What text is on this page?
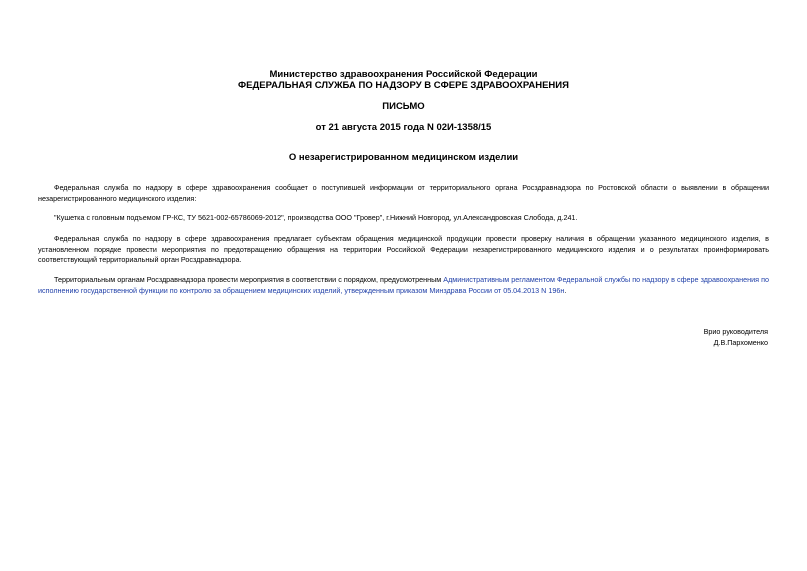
Министерство здравоохранения Российской Федерации
ФЕДЕРАЛЬНАЯ СЛУЖБА ПО НАДЗОРУ В СФЕРЕ ЗДРАВООХРАНЕНИЯ
ПИСЬМО
от 21 августа 2015 года N 02И-1358/15
О незарегистрированном медицинском изделии
Федеральная служба по надзору в сфере здравоохранения сообщает о поступившей информации от территориального органа Росздравнадзора по Ростовской области о выявлении в обращении незарегистрированного медицинского изделия:
"Кушетка с головным подъемом ГР-КС, ТУ 5621-002-65786069-2012", производства ООО "Гровер", г.Нижний Новгород, ул.Александровская Слобода, д.241.
Федеральная служба по надзору в сфере здравоохранения предлагает субъектам обращения медицинской продукции провести проверку наличия в обращении указанного медицинского изделия, в установленном порядке провести мероприятия по предотвращению обращения на территории Российской Федерации незарегистрированного медицинского изделия и о результатах проинформировать соответствующий территориальный орган Росздравнадзора.
Территориальным органам Росздравнадзора провести мероприятия в соответствии с порядком, предусмотренным Административным регламентом Федеральной службы по надзору в сфере здравоохранения по исполнению государственной функции по контролю за обращением медицинских изделий, утвержденным приказом Минздрава России от 05.04.2013 N 196н.
Врио руководителя
Д.В.Пархоменко
